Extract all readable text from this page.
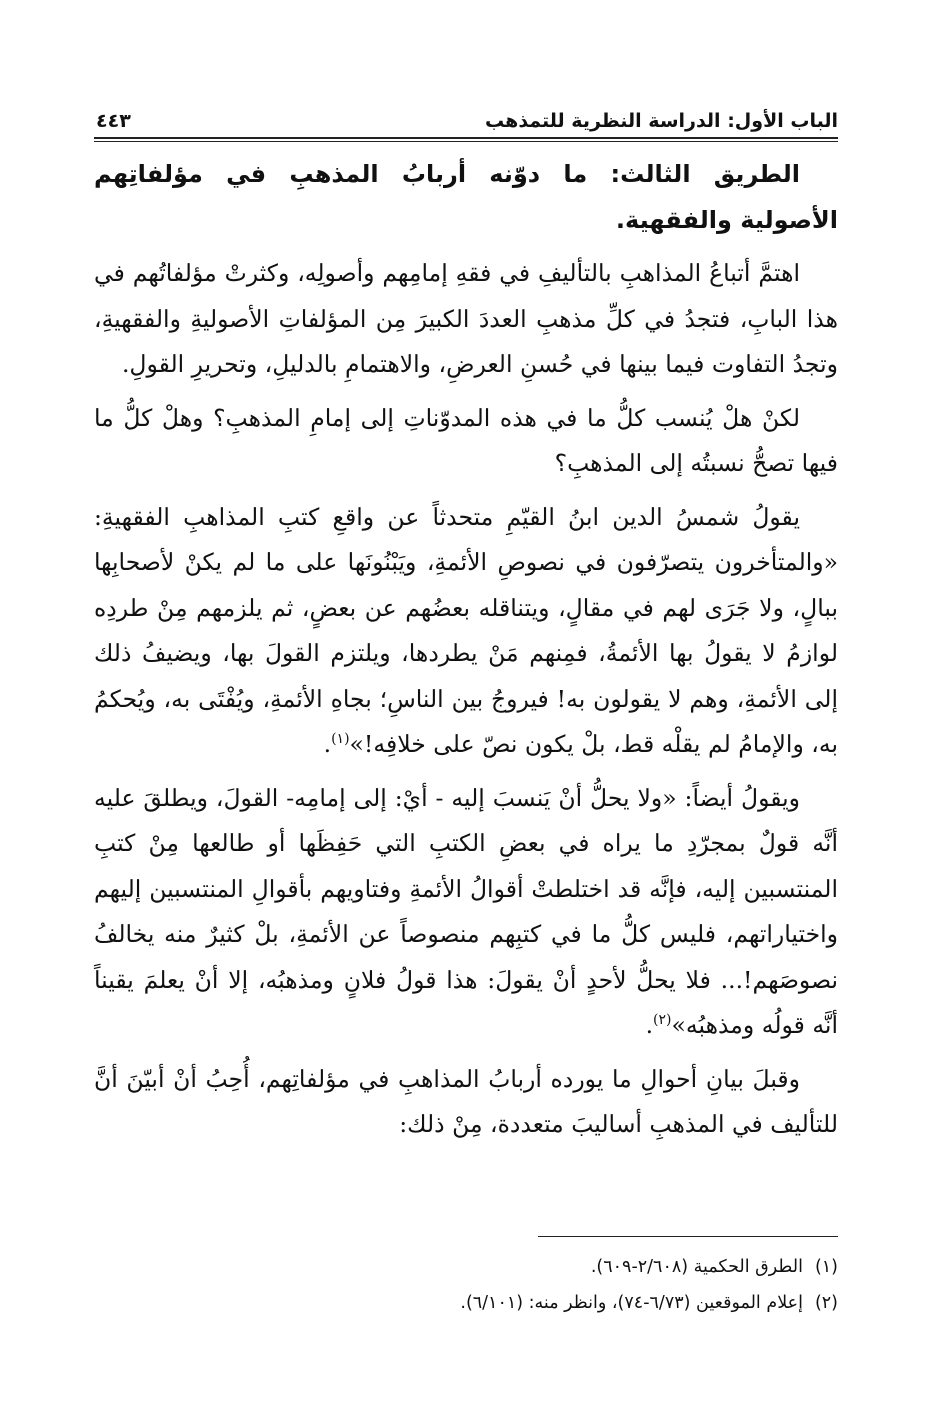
الباب الأول: الدراسة النظرية للتمذهب
٤٤٣

الطريق الثالث: ما دوّنه أربابُ المذهبِ في مؤلفاتِهم الأصولية والفقهية.

اهتمَّ أتباعُ المذاهبِ بالتأليفِ في فقهِ إمامِهم وأصولِه، وكثرتْ مؤلفاتُهم في هذا البابِ، فتجدُ في كلِّ مذهبِ العددَ الكبيرَ مِن المؤلفاتِ الأصوليةِ والفقهيةِ، وتجدُ التفاوت فيما بينها في حُسنِ العرضِ، والاهتمامِ بالدليلِ، وتحريرِ القولِ.

لكنْ هلْ يُنسب كلُّ ما في هذه المدوّناتِ إلى إمامِ المذهبِ؟ وهلْ كلُّ ما فيها تصحُّ نسبتُه إلى المذهبِ؟

يقولُ شمسُ الدين ابنُ القيّمِ متحدثاً عن واقعِ كتبِ المذاهبِ الفقهيةِ: «والمتأخرون يتصرّفون في نصوصِ الأئمةِ، ويَبْنُونَها على ما لم يكنْ لأصحابِها ببالٍ، ولا جَرَى لهم في مقالٍ، ويتناقله بعضُهم عن بعضٍ، ثم يلزمهم مِنْ طردِه لوازمُ لا يقولُ بها الأئمةُ، فمِنهم مَنْ يطردها، ويلتزم القولَ بها، ويضيفُ ذلك إلى الأئمةِ، وهم لا يقولون به! فيروجُ بين الناسِ؛ بجاهِ الأئمةِ، ويُفْتَى به، ويُحكمُ به، والإمامُ لم يقلْه قط، بلْ يكون نصّ على خلافِه!»$^{(١)}$.

ويقولُ أيضاً: «ولا يحلُّ أنْ يَنسبَ إليه - أيْ: إلى إمامِه- القولَ، ويطلقَ عليه أنَّه قولٌ بمجرّدِ ما يراه في بعضِ الكتبِ التي حَفِظَها أو طالعها مِنْ كتبِ المنتسبين إليه، فإنَّه قد اختلطتْ أقوالُ الأئمةِ وفتاويهم بأقوالِ المنتسبين إليهم واختياراتهم، فليس كلُّ ما في كتبِهم منصوصاً عن الأئمةِ، بلْ كثيرٌ منه يخالفُ نصوصَهم!... فلا يحلُّ لأحدٍ أنْ يقولَ: هذا قولُ فلانٍ ومذهبُه، إلا أنْ يعلمَ يقيناً أنَّه قولُه ومذهبُه»$^{(٢)}$.

وقبلَ بيانِ أحوالِ ما يورده أربابُ المذاهبِ في مؤلفاتِهم، أُحِبُ أنْ أبيّنَ أنَّ للتأليف في المذهبِ أساليبَ متعددة، مِنْ ذلك:

(١)
الطرق الحكمية (٢/٦٠٨-٦٠٩).
(٢)
إعلام الموقعين (٦/٧٣-٧٤)، وانظر منه: (٦/١٠١).
